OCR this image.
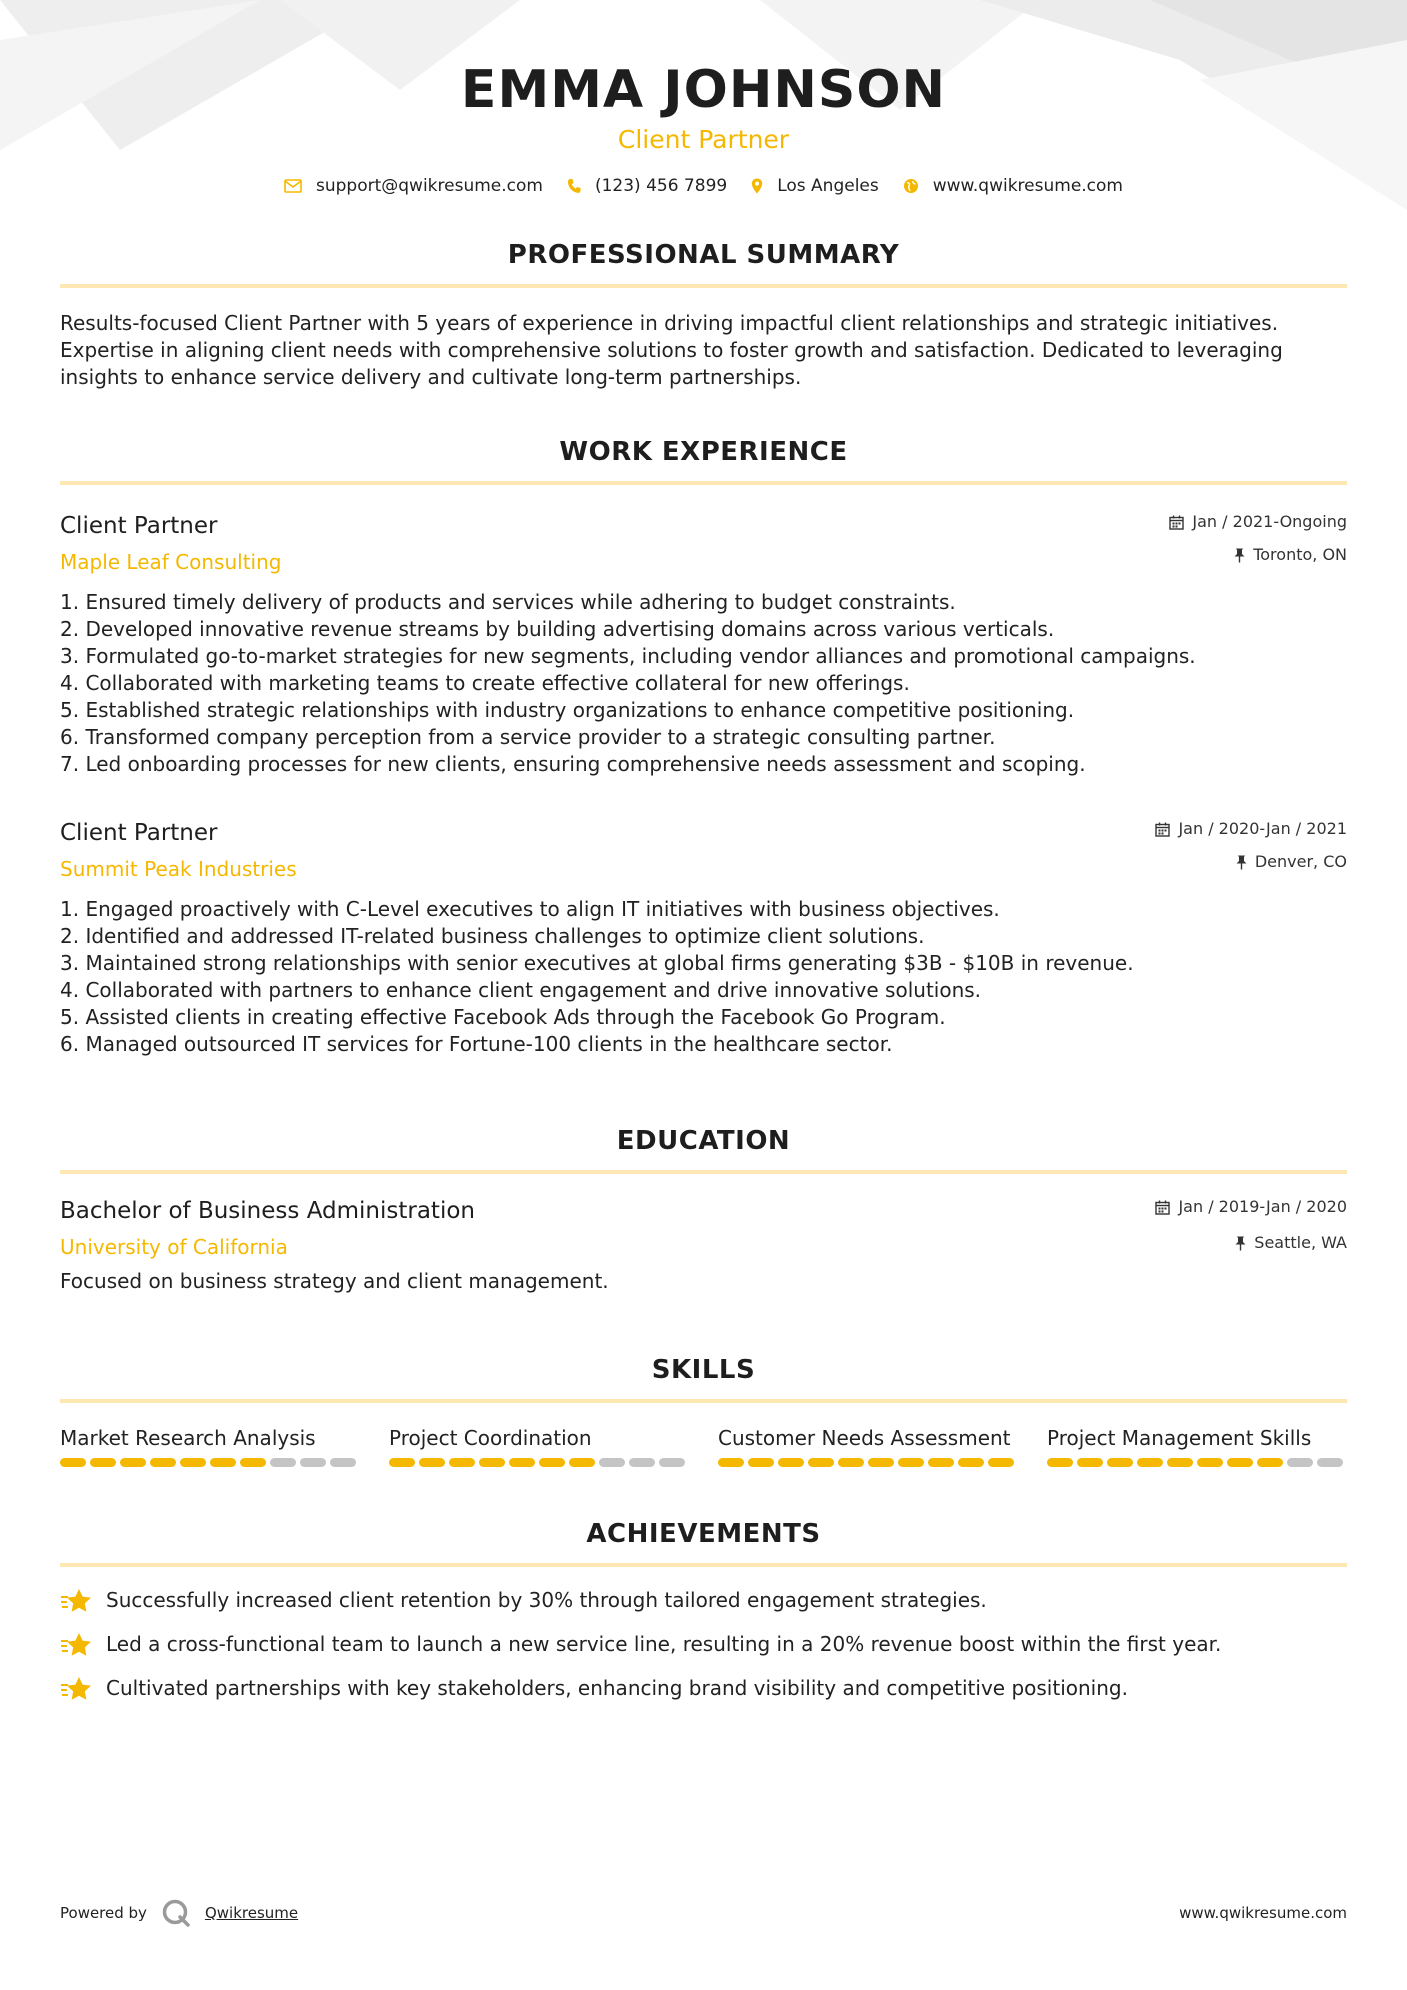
EMMA JOHNSON
Client Partner
support@qwikresume.com	(123) 456 7899	Los Angeles	www.qwikresume.com
PROFESSIONAL SUMMARY

Results-focused Client Partner with 5 years of experience in driving impactful client relationships and strategic initiatives. Expertise in aligning client needs with comprehensive solutions to foster growth and satisfaction. Dedicated to leveraging insights to enhance service delivery and cultivate long-term partnerships.

WORK EXPERIENCE
Client Partner
Maple Leaf Consulting
Jan / 2021-Ongoing
Toronto, ON
1. Ensured timely delivery of products and services while adhering to budget constraints.
2. Developed innovative revenue streams by building advertising domains across various verticals.
3. Formulated go-to-market strategies for new segments, including vendor alliances and promotional campaigns.
4. Collaborated with marketing teams to create effective collateral for new offerings.
5. Established strategic relationships with industry organizations to enhance competitive positioning.
6. Transformed company perception from a service provider to a strategic consulting partner.
7. Led onboarding processes for new clients, ensuring comprehensive needs assessment and scoping.
Client Partner
Summit Peak Industries
Jan / 2020-Jan / 2021
Denver, CO
1. Engaged proactively with C-Level executives to align IT initiatives with business objectives.
2. Identified and addressed IT-related business challenges to optimize client solutions.
3. Maintained strong relationships with senior executives at global firms generating $3B - $10B in revenue.
4. Collaborated with partners to enhance client engagement and drive innovative solutions.
5. Assisted clients in creating effective Facebook Ads through the Facebook Go Program.
6. Managed outsourced IT services for Fortune-100 clients in the healthcare sector.
EDUCATION
Bachelor of Business Administration
University of California
Jan / 2019-Jan / 2020
Seattle, WA

Focused on business strategy and client management.

SKILLS
Market Research Analysis	Project Coordination	Customer Needs Assessment	Project Management Skills
ACHIEVEMENTS
Successfully increased client retention by 30% through tailored engagement strategies.
Led a cross-functional team to launch a new service line, resulting in a 20% revenue boost within the first year.
Cultivated partnerships with key stakeholders, enhancing brand visibility and competitive positioning.
Powered by	Qwikresume	www.qwikresume.com
